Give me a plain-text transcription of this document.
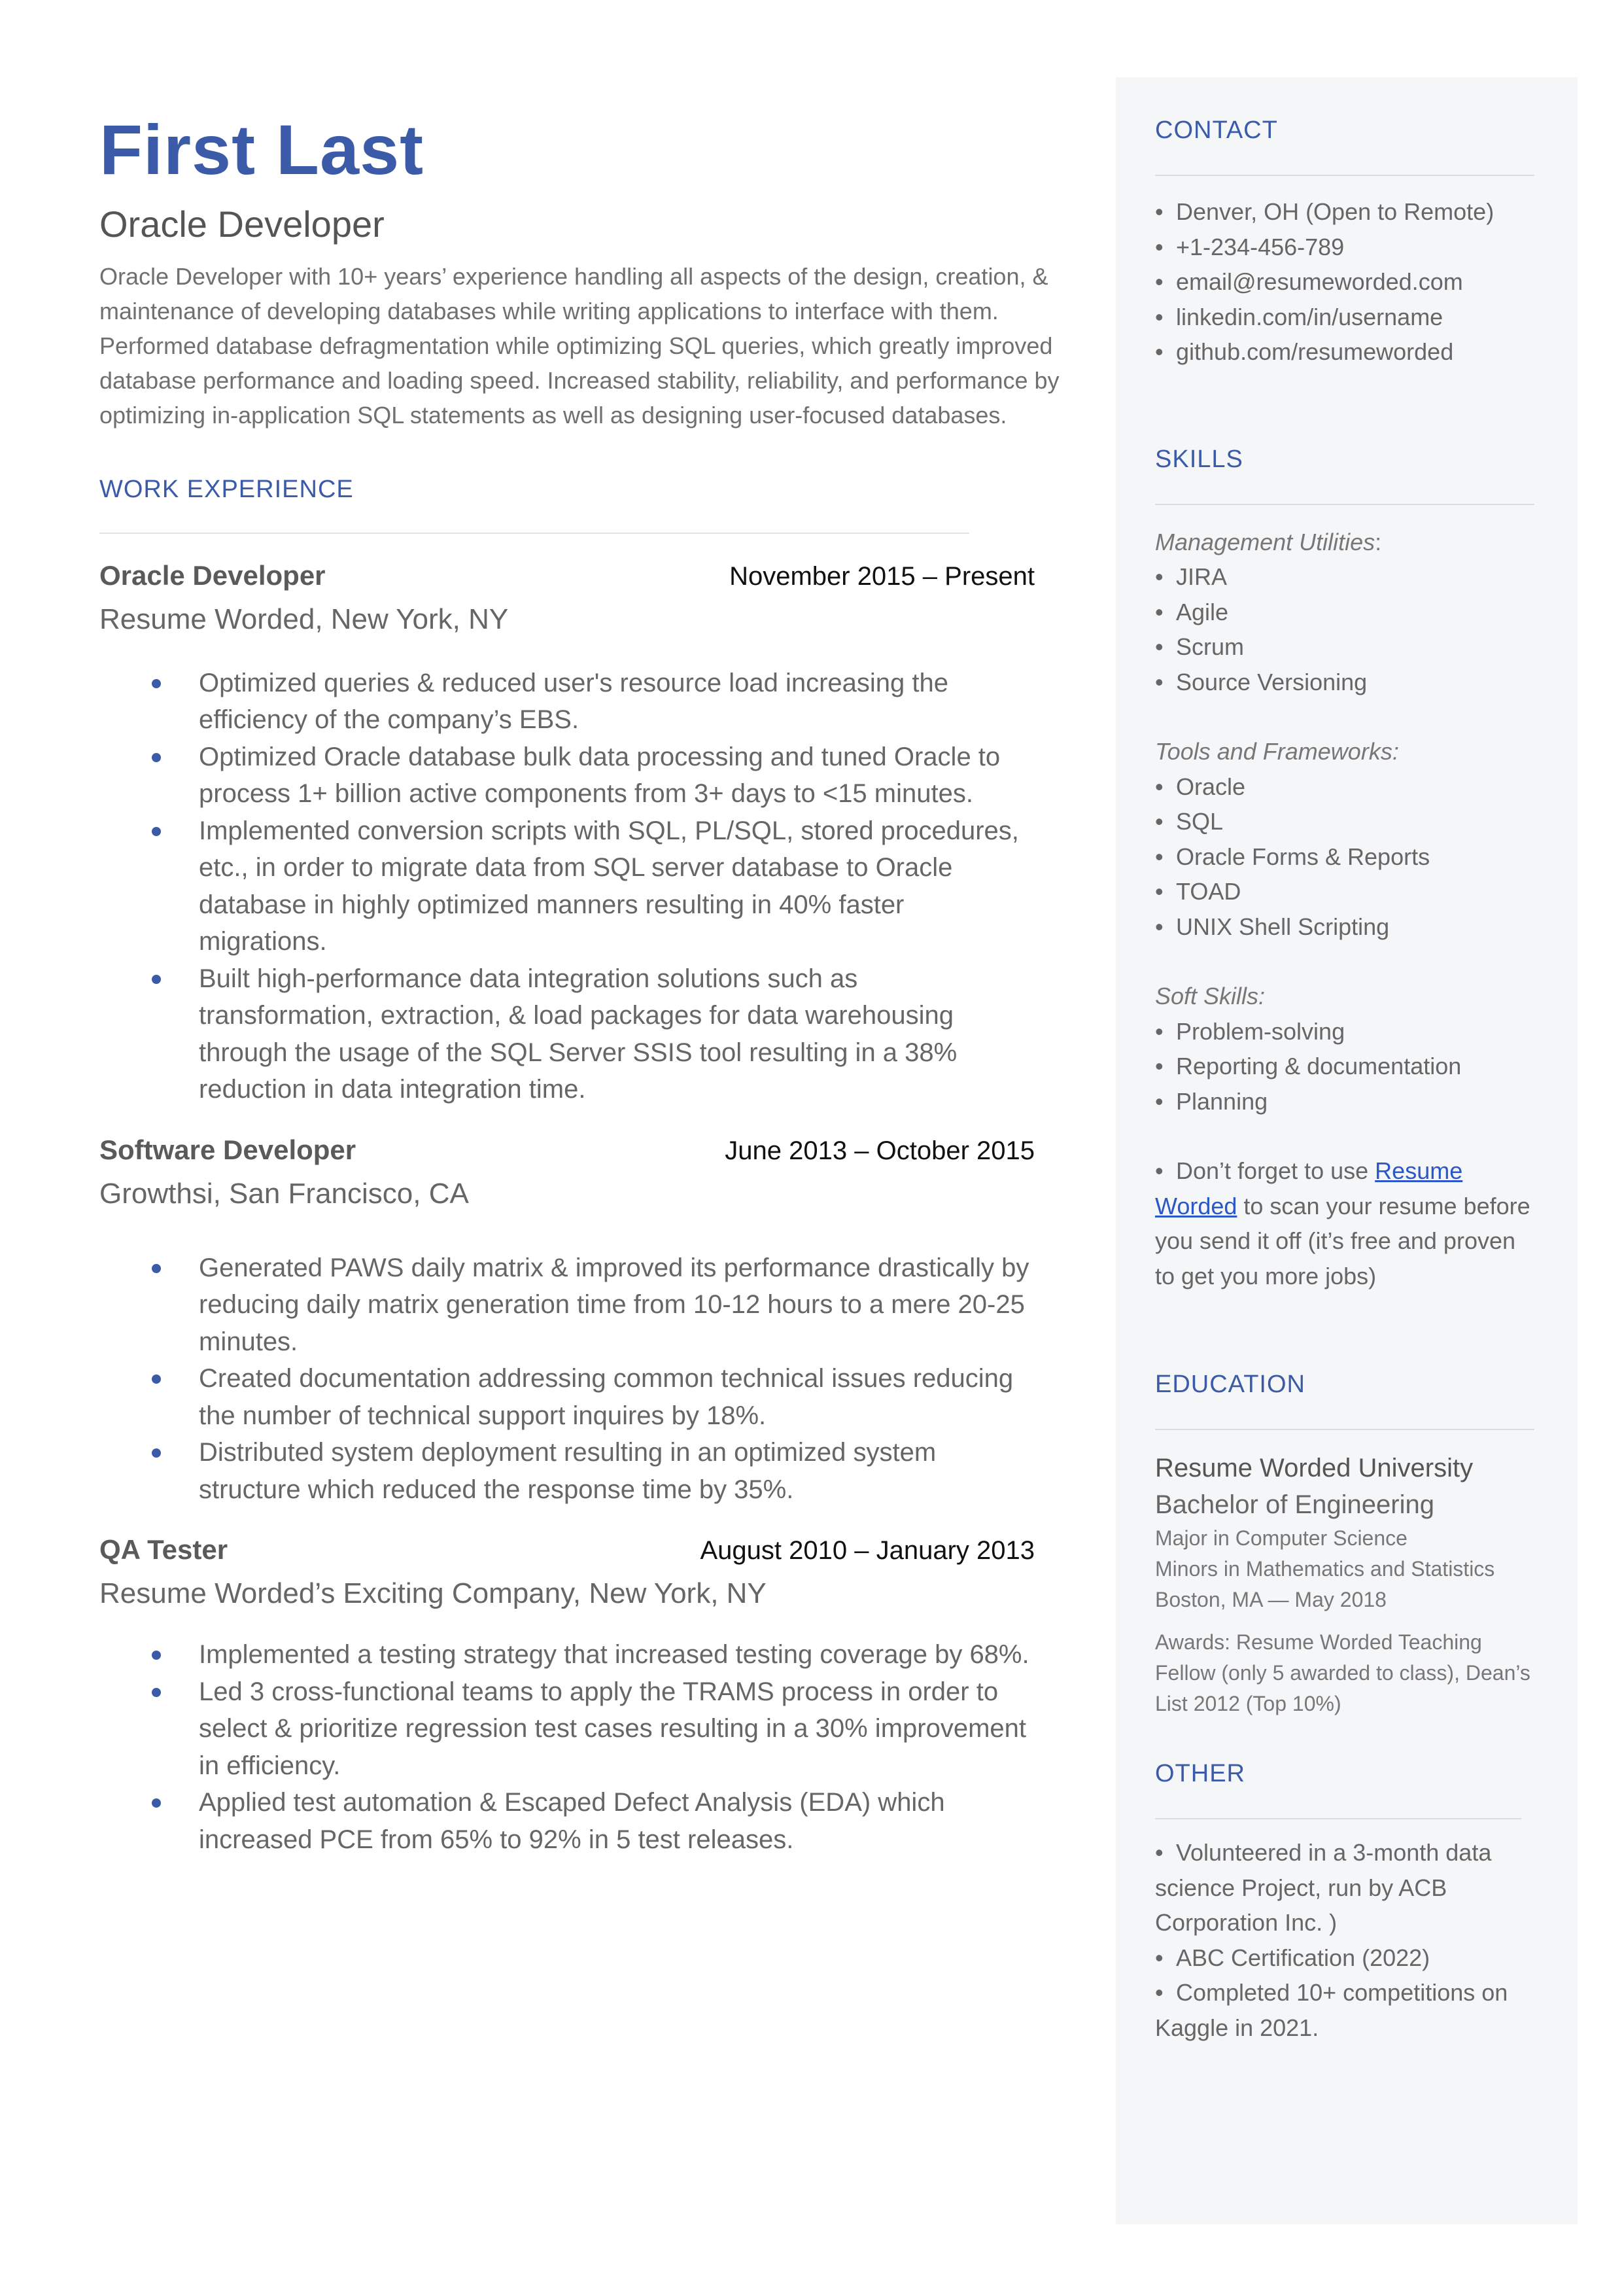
First Last
Oracle Developer
Oracle Developer with 10+ years’ experience handling all aspects of the design, creation, & maintenance of developing databases while writing applications to interface with them. Performed database defragmentation while optimizing SQL queries, which greatly improved database performance and loading speed. Increased stability, reliability, and performance by optimizing in-application SQL statements as well as designing user-focused databases.
WORK EXPERIENCE
Oracle Developer	November 2015 – Present
Resume Worded, New York, NY
Optimized queries & reduced user's resource load increasing the efficiency of the company’s EBS.
Optimized Oracle database bulk data processing and tuned Oracle to process 1+ billion active components from 3+ days to <15 minutes.
Implemented conversion scripts with SQL, PL/SQL, stored procedures, etc., in order to migrate data from SQL server database to Oracle database in highly optimized manners resulting in 40% faster migrations.
Built high-performance data integration solutions such as transformation, extraction, & load packages for data warehousing through the usage of the SQL Server SSIS tool resulting in a 38% reduction in data integration time.
Software Developer	June 2013 – October 2015
Growthsi, San Francisco, CA
Generated PAWS daily matrix & improved its performance drastically by reducing daily matrix generation time from 10-12 hours to a mere 20-25 minutes.
Created documentation addressing common technical issues reducing the number of technical support inquires by 18%.
Distributed system deployment resulting in an optimized system structure which reduced the response time by 35%.
QA Tester	August 2010 – January 2013
Resume Worded’s Exciting Company, New York, NY
Implemented a testing strategy that increased testing coverage by 68%.
Led 3 cross-functional teams to apply the TRAMS process in order to select & prioritize regression test cases resulting in a 30% improvement in efficiency.
Applied test automation & Escaped Defect Analysis (EDA) which increased PCE from 65% to 92% in 5 test releases.
CONTACT
• Denver, OH (Open to Remote)
• +1-234-456-789
• email@resumeworded.com
• linkedin.com/in/username
• github.com/resumeworded
SKILLS
Management Utilities:
• JIRA
• Agile
• Scrum
• Source Versioning
Tools and Frameworks:
• Oracle
• SQL
• Oracle Forms & Reports
• TOAD
• UNIX Shell Scripting
Soft Skills:
• Problem-solving
• Reporting & documentation
• Planning
• Don’t forget to use Resume Worded to scan your resume before you send it off (it’s free and proven to get you more jobs)
EDUCATION
Resume Worded University
Bachelor of Engineering
Major in Computer Science
Minors in Mathematics and Statistics
Boston, MA — May 2018
Awards: Resume Worded Teaching Fellow (only 5 awarded to class), Dean’s List 2012 (Top 10%)
OTHER
• Volunteered in a 3-month data science Project, run by ACB Corporation Inc. )
• ABC Certification (2022)
• Completed 10+ competitions on Kaggle in 2021.
